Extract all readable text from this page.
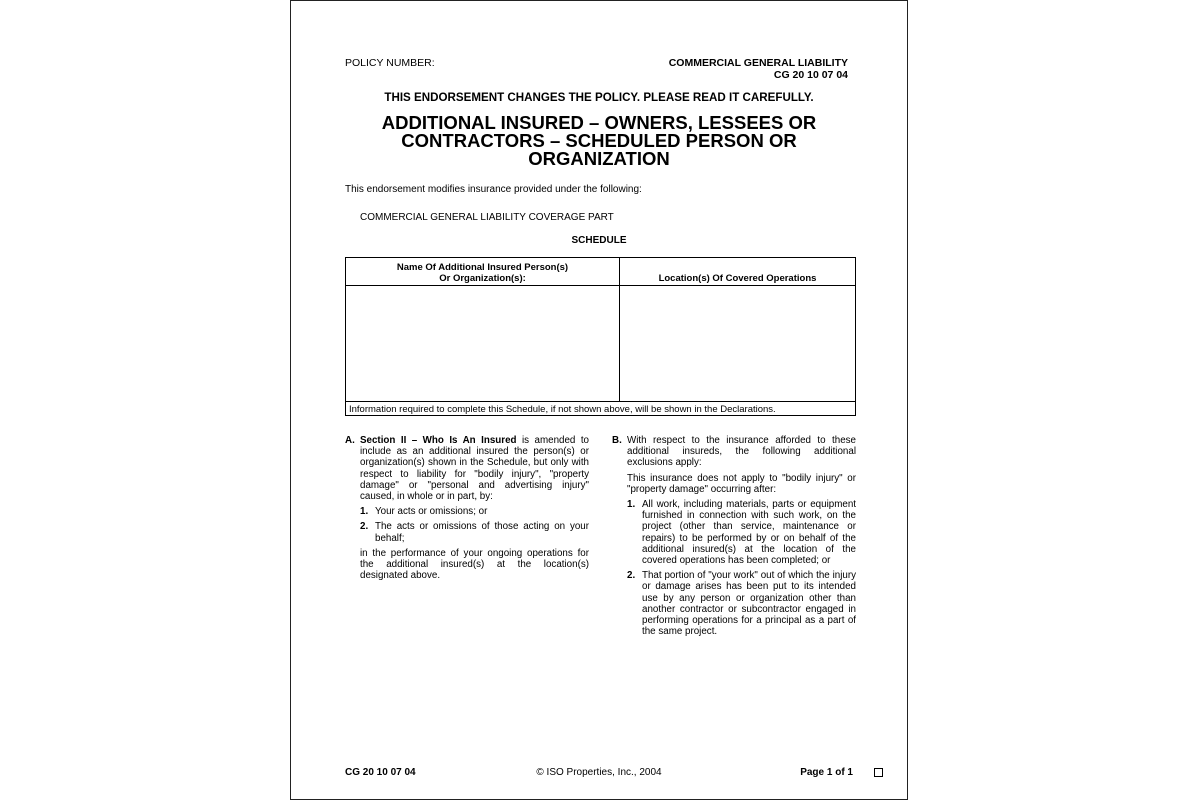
POLICY NUMBER:	COMMERCIAL GENERAL LIABILITY
CG 20 10 07 04
THIS ENDORSEMENT CHANGES THE POLICY. PLEASE READ IT CAREFULLY.
ADDITIONAL INSURED – OWNERS, LESSEES OR
CONTRACTORS – SCHEDULED PERSON OR
ORGANIZATION
This endorsement modifies insurance provided under the following:
COMMERCIAL GENERAL LIABILITY COVERAGE PART
SCHEDULE
Name Of Additional Insured Person(s)
Or Organization(s):	Location(s) Of Covered Operations
Information required to complete this Schedule, if not shown above, will be shown in the Declarations.
A. Section II – Who Is An Insured is amended to include as an additional insured the person(s) or organization(s) shown in the Schedule, but only with respect to liability for "bodily injury", "property damage" or "personal and advertising injury" caused, in whole or in part, by:
1. Your acts or omissions; or
2. The acts or omissions of those acting on your behalf;
in the performance of your ongoing operations for the additional insured(s) at the location(s) designated above.
B. With respect to the insurance afforded to these additional insureds, the following additional exclusions apply:
This insurance does not apply to "bodily injury" or "property damage" occurring after:
1. All work, including materials, parts or equipment furnished in connection with such work, on the project (other than service, maintenance or repairs) to be performed by or on behalf of the additional insured(s) at the location of the covered operations has been completed; or
2. That portion of "your work" out of which the injury or damage arises has been put to its intended use by any person or organization other than another contractor or subcontractor engaged in performing operations for a principal as a part of the same project.
CG 20 10 07 04	© ISO Properties, Inc., 2004	Page 1 of 1
